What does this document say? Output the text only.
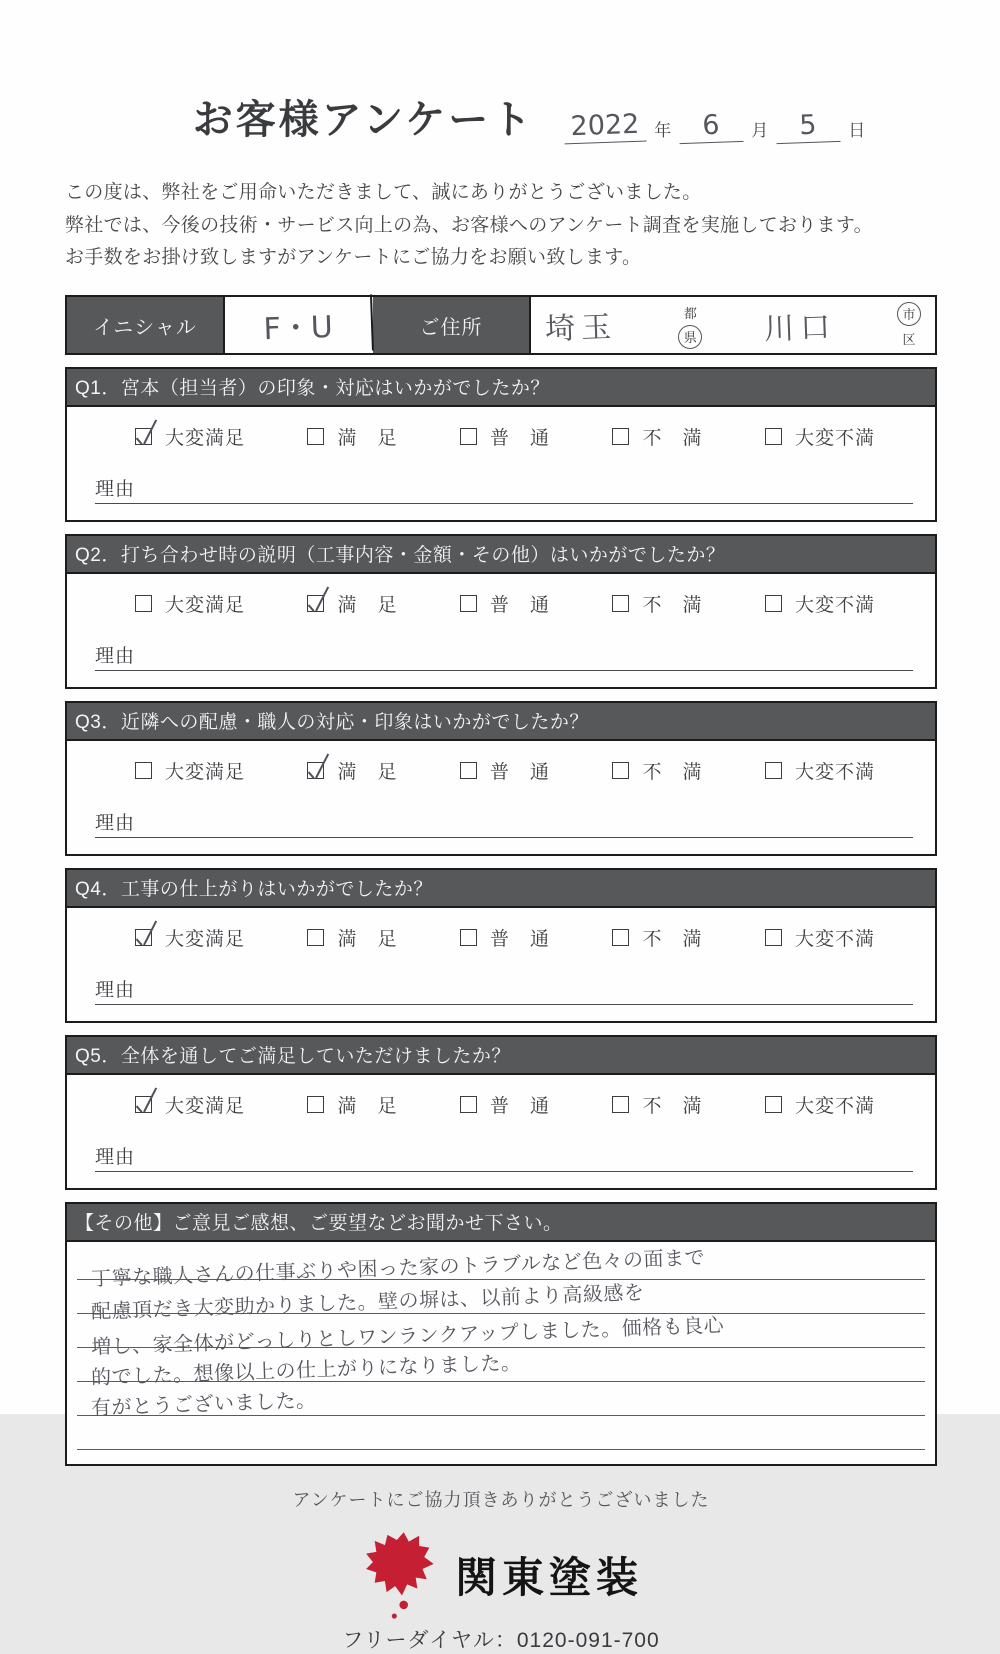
お客様アンケート 2022 年	6	月	5	日
この度は、弊社をご用命いただきまして、誠にありがとうございました。
弊社では、今後の技術・サービス向上の為、お客様へのアンケート調査を実施しております。
お手数をお掛け致しますがアンケートにご協力をお願い致します。
イニシャル	F・U	ご住所	埼玉	都
県 川口	市
区
Q1．宮本（担当者）の印象・対応はいかがでしたか？
大変満足	満　足	普　通	不　満	大変不満
理由
Q2．打ち合わせ時の説明（工事内容・金額・その他）はいかがでしたか？
大変満足	満　足	普　通	不　満	大変不満
理由
Q3．近隣への配慮・職人の対応・印象はいかがでしたか？
大変満足	満　足	普　通	不　満	大変不満
理由
Q4．工事の仕上がりはいかがでしたか？
大変満足	満　足	普　通	不　満	大変不満
理由
Q5．全体を通してご満足していただけましたか？
大変満足	満　足	普　通	不　満	大変不満
理由
【その他】ご意見ご感想、ご要望などお聞かせ下さい。
丁寧な職人さんの仕事ぶりや困った家のトラブルなど色々の面まで
配慮頂だき大変助かりました。壁の塀は、以前より高級感を
増し、家全体がどっしりとしワンランクアップしました。価格も良心
的でした。想像以上の仕上がりになりました。
有がとうございました。
アンケートにご協力頂きありがとうございました
関東塗装
フリーダイヤル：0120-091-700
